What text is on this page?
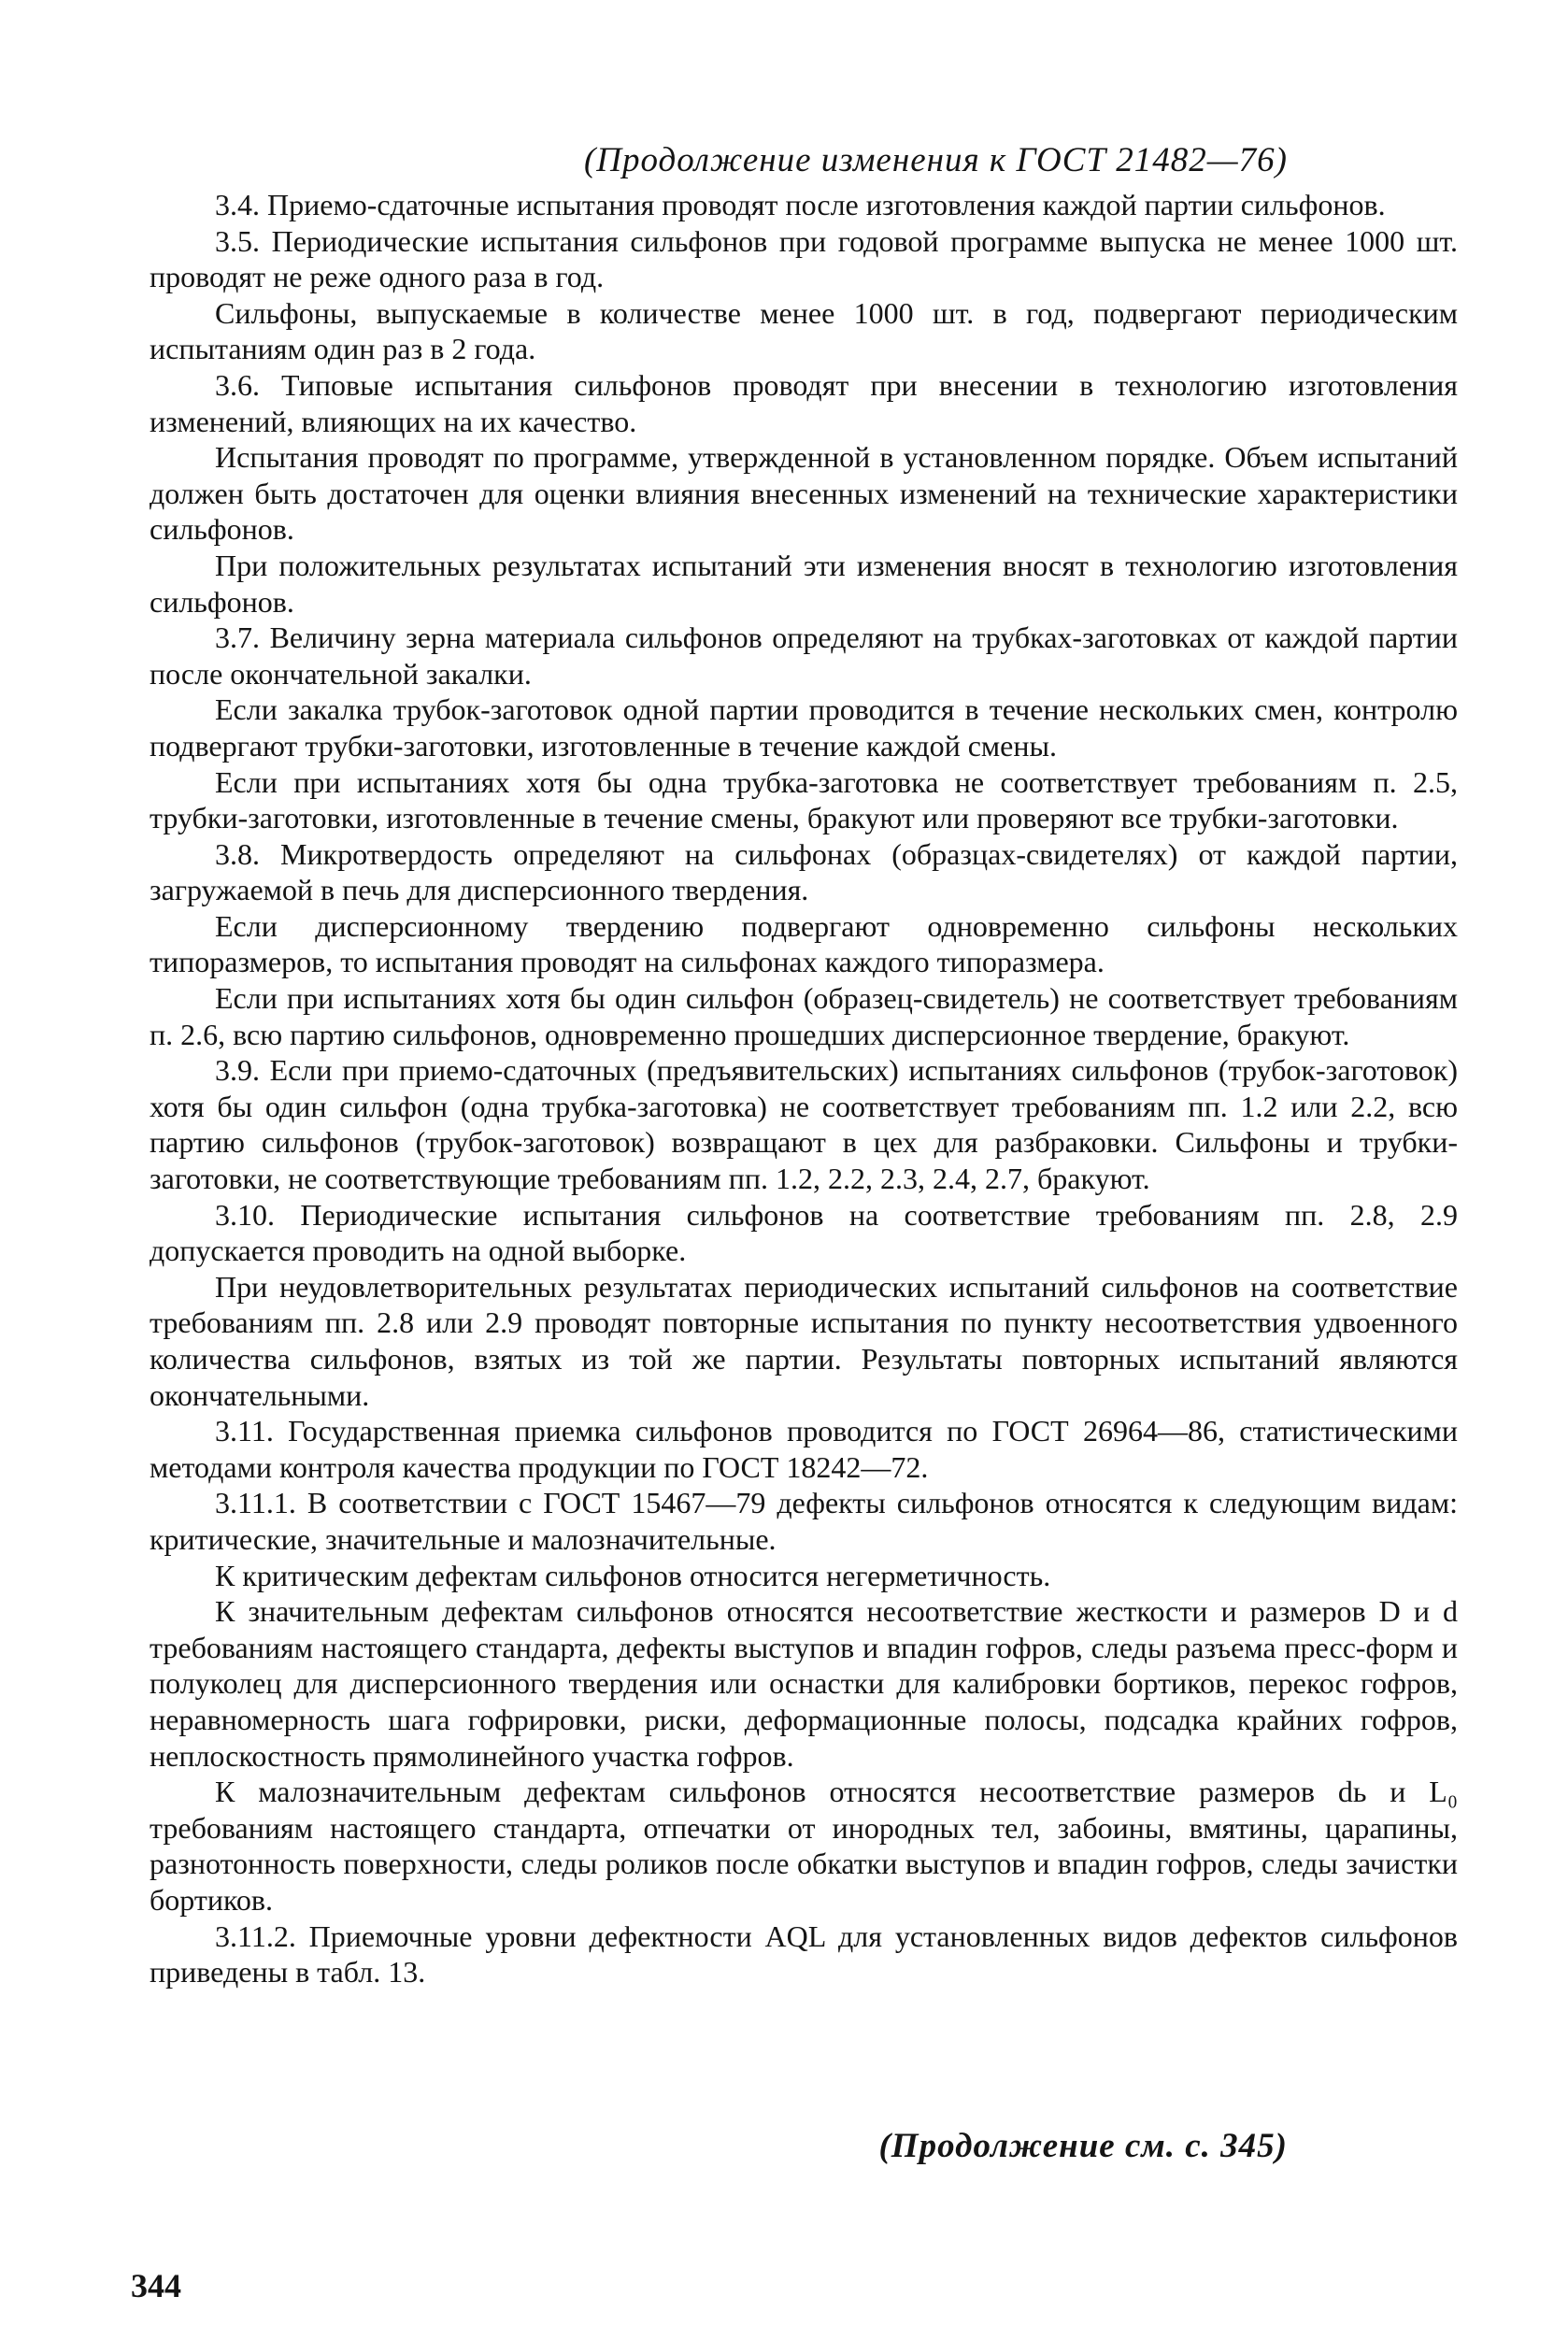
(Продолжение изменения к ГОСТ 21482—76)

3.4. Приемо-сдаточные испытания проводят после изготовления каждой партии сильфонов.

3.5. Периодические испытания сильфонов при годовой программе выпуска не менее 1000 шт. проводят не реже одного раза в год.

Сильфоны, выпускаемые в количестве менее 1000 шт. в год, подвергают периодическим испытаниям один раз в 2 года.

3.6. Типовые испытания сильфонов проводят при внесении в технологию изготовления изменений, влияющих на их качество.

Испытания проводят по программе, утвержденной в установленном порядке. Объем испытаний должен быть достаточен для оценки влияния внесенных изменений на технические характеристики сильфонов.

При положительных результатах испытаний эти изменения вносят в технологию изготовления сильфонов.

3.7. Величину зерна материала сильфонов определяют на трубках-заготовках от каждой партии после окончательной закалки.

Если закалка трубок-заготовок одной партии проводится в течение нескольких смен, контролю подвергают трубки-заготовки, изготовленные в течение каждой смены.

Если при испытаниях хотя бы одна трубка-заготовка не соответствует требованиям п. 2.5, трубки-заготовки, изготовленные в течение смены, бракуют или проверяют все трубки-заготовки.

3.8. Микротвердость определяют на сильфонах (образцах-свидетелях) от каждой партии, загружаемой в печь для дисперсионного твердения.

Если дисперсионному твердению подвергают одновременно сильфоны нескольких типоразмеров, то испытания проводят на сильфонах каждого типоразмера.

Если при испытаниях хотя бы один сильфон (образец-свидетель) не соответствует требованиям п. 2.6, всю партию сильфонов, одновременно прошедших дисперсионное твердение, бракуют.

3.9. Если при приемо-сдаточных (предъявительских) испытаниях сильфонов (трубок-заготовок) хотя бы один сильфон (одна трубка-заготовка) не соответствует требованиям пп. 1.2 или 2.2, всю партию сильфонов (трубок-заготовок) возвращают в цех для разбраковки. Сильфоны и трубки-заготовки, не соответствующие требованиям пп. 1.2, 2.2, 2.3, 2.4, 2.7, бракуют.

3.10. Периодические испытания сильфонов на соответствие требованиям пп. 2.8, 2.9 допускается проводить на одной выборке.

При неудовлетворительных результатах периодических испытаний сильфонов на соответствие требованиям пп. 2.8 или 2.9 проводят повторные испытания по пункту несоответствия удвоенного количества сильфонов, взятых из той же партии. Результаты повторных испытаний являются окончательными.

3.11. Государственная приемка сильфонов проводится по ГОСТ 26964—86, статистическими методами контроля качества продукции по ГОСТ 18242—72.

3.11.1. В соответствии с ГОСТ 15467—79 дефекты сильфонов относятся к следующим видам: критические, значительные и малозначительные.

К критическим дефектам сильфонов относится негерметичность.

К значительным дефектам сильфонов относятся несоответствие жесткости и размеров D и d требованиям настоящего стандарта, дефекты выступов и впадин гофров, следы разъема пресс-форм и полуколец для дисперсионного твердения или оснастки для калибровки бортиков, перекос гофров, неравномерность шага гофрировки, риски, деформационные полосы, подсадка крайних гофров, неплоскостность прямолинейного участка гофров.

К малозначительным дефектам сильфонов относятся несоответствие размеров dь и L₀ требованиям настоящего стандарта, отпечатки от инородных тел, забоины, вмятины, царапины, разнотонность поверхности, следы роликов после обкатки выступов и впадин гофров, следы зачистки бортиков.

3.11.2. Приемочные уровни дефектности AQL для установленных видов дефектов сильфонов приведены в табл. 13.

(Продолжение см. с. 345)
344
